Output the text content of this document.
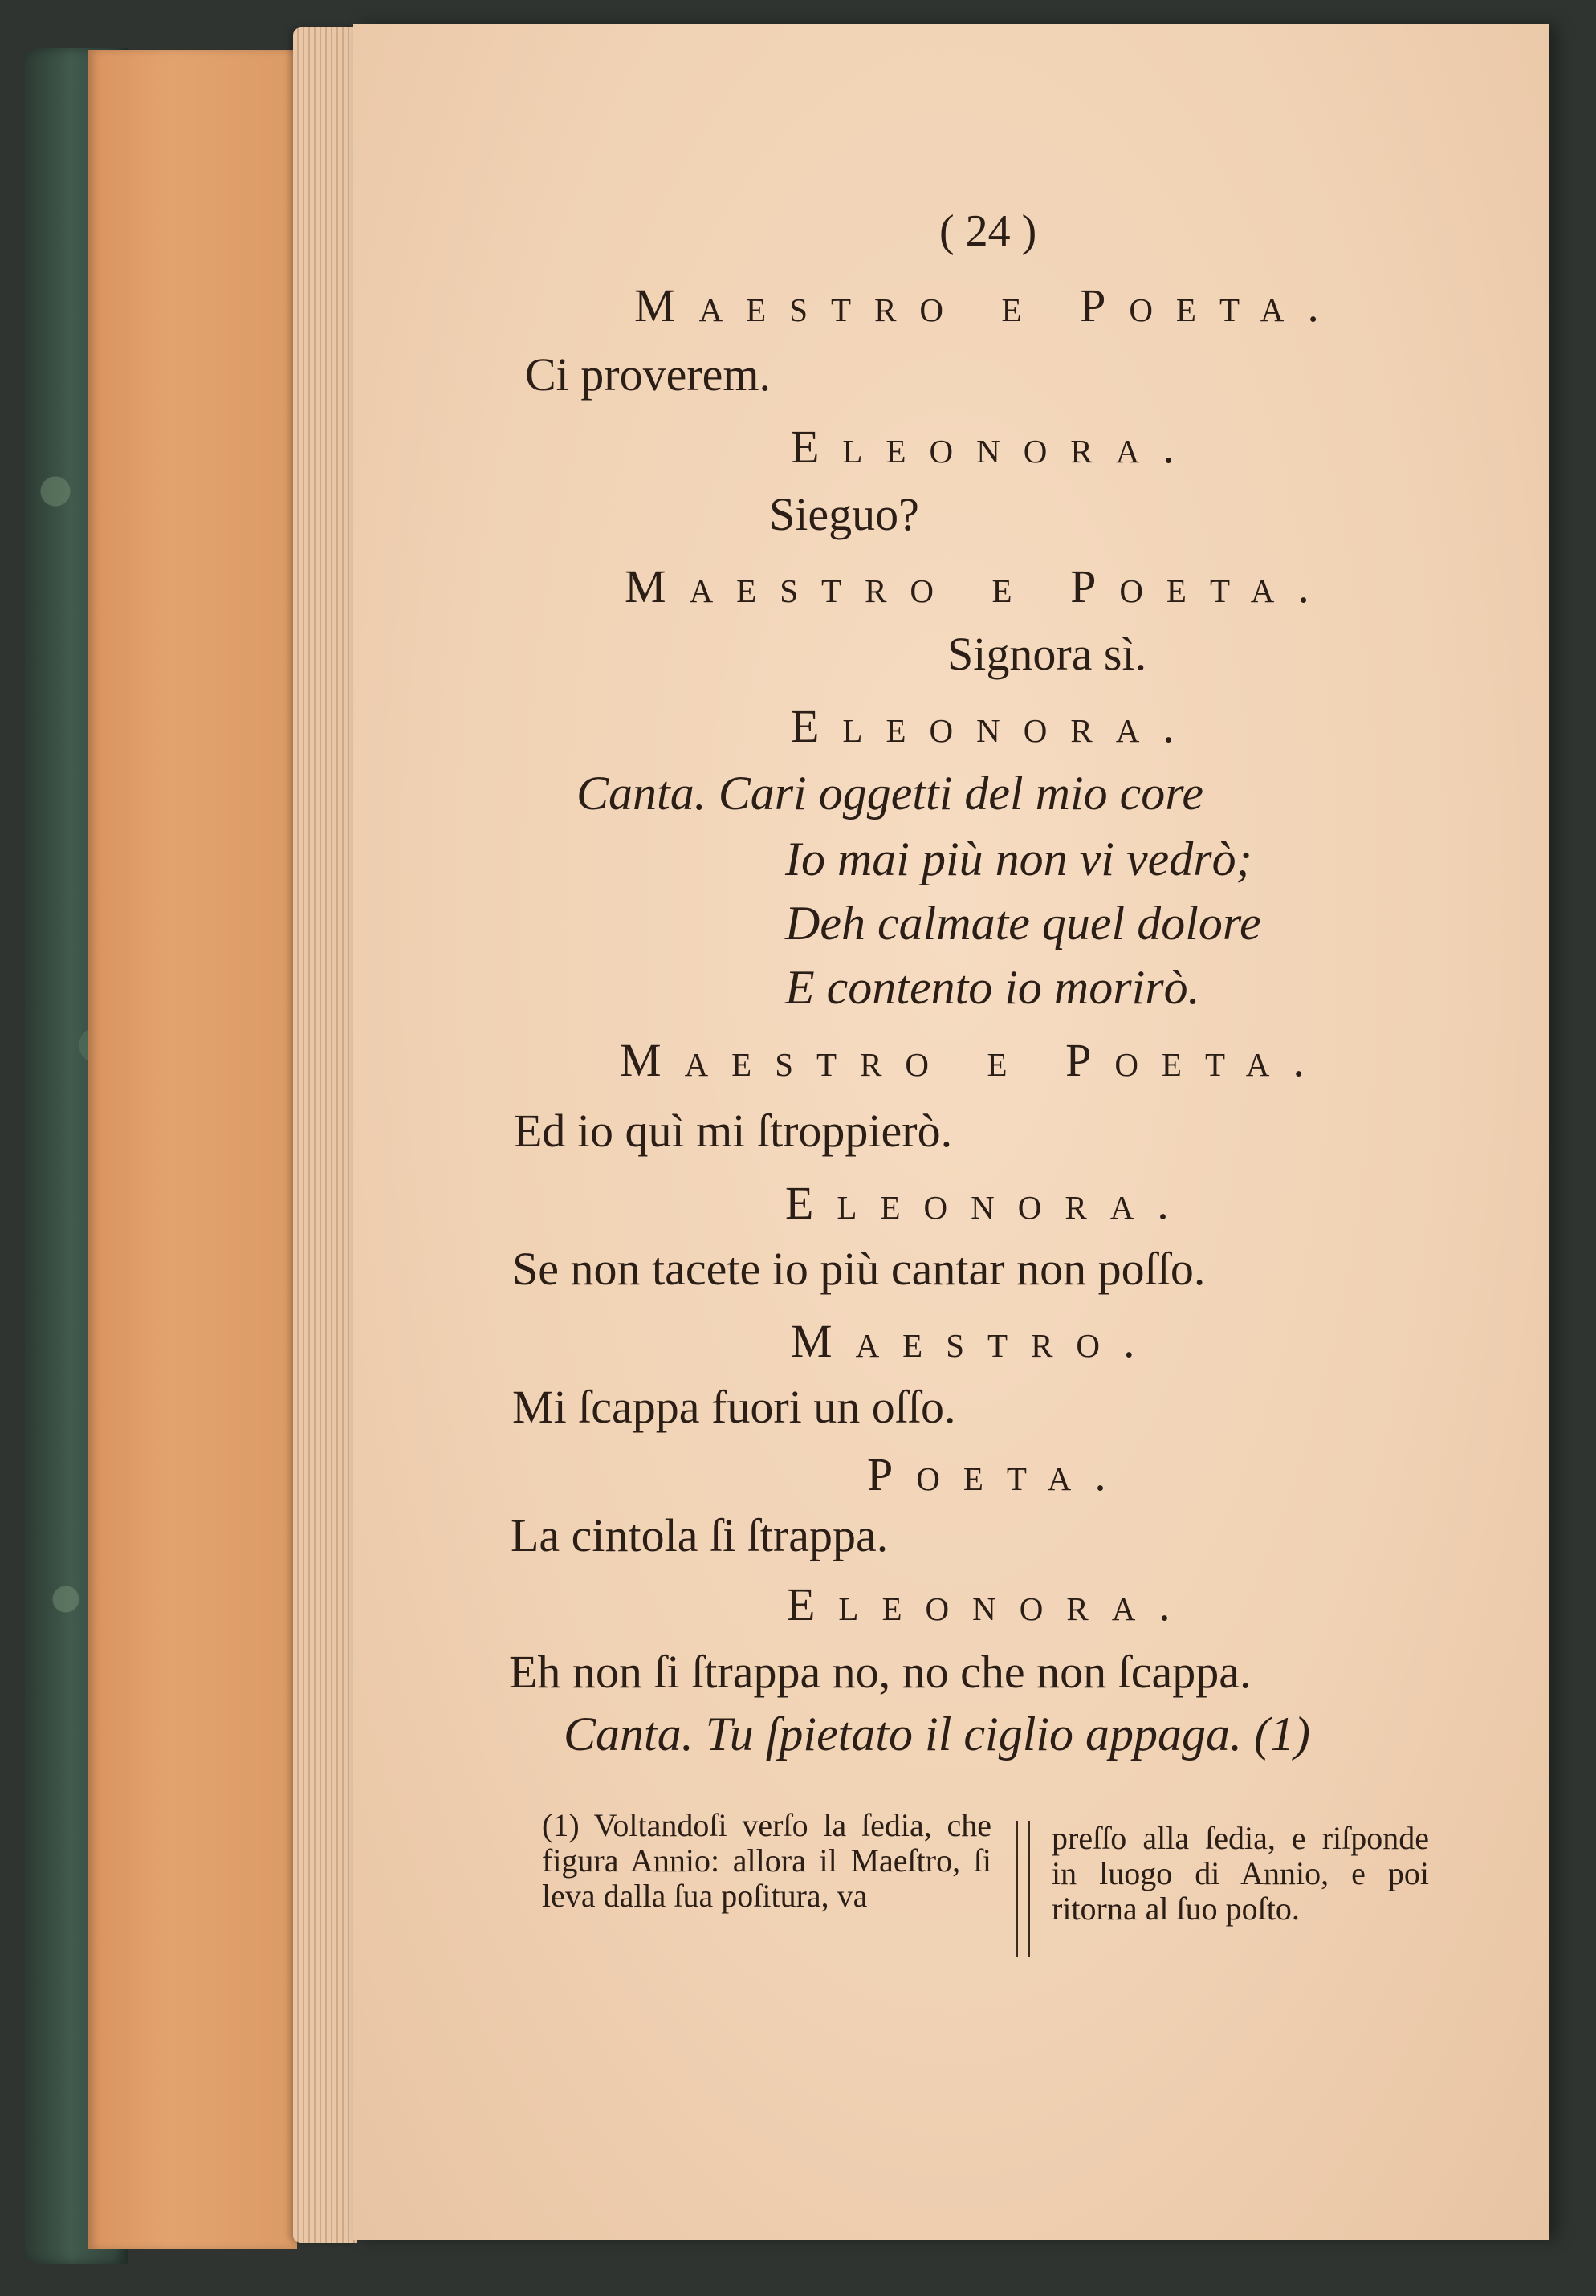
( 24 )
Maestro e Poeta.
Ci proverem.
Eleonora.
Sieguo?
Maestro e Poeta.
Signora sì.
Eleonora.
Canta. Cari oggetti del mio core
Io mai più non vi vedrò;
Deh calmate quel dolore
E contento io morirò.
Maestro e Poeta.
Ed io quì mi ſtroppierò.
Eleonora.
Se non tacete io più cantar non poſſo.
Maestro.
Mi ſcappa fuori un oſſo.
Poeta.
La cintola ſi ſtrappa.
Eleonora.
Eh non ſi ſtrappa no, no che non ſcappa.
Canta. Tu ſpietato il ciglio appaga. (1)
(1) Voltandoſi verſo la ſedia, che figura Annio: allora il Maeſtro, ſi leva dalla ſua poſitura, va
preſſo alla ſedia, e riſponde in luogo di Annio, e poi ritorna al ſuo poſto.
